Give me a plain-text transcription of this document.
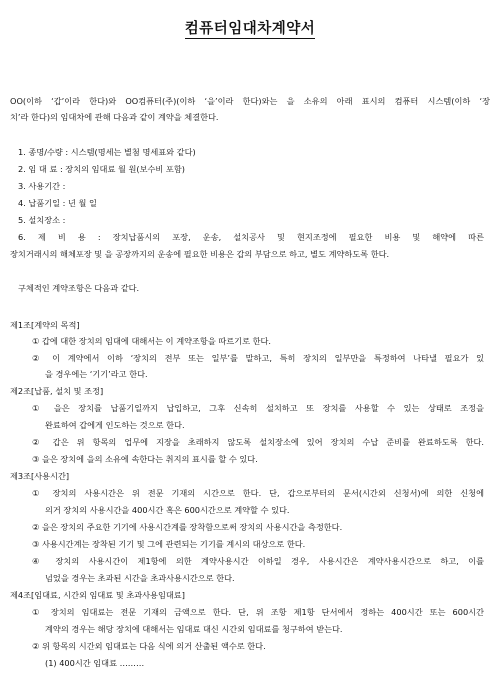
컴퓨터임대차계약서
OO(이하 ‘갑’이라 한다)와 OO컴퓨터(주)(이하 ‘을’이라 한다)와는 을 소유의 아래 표시의 컴퓨터 시스템(이하 ‘장
치’라 한다)의 임대차에 관해 다음과 같이 계약을 체결한다.
1. 종명/수량 : 시스템(명세는 별첨 명세표와 같다)
2. 임 대 료 : 장치의 임대료 월 원(보수비 포함)
3. 사용기간 :
4. 납품기일 : 년 월 일
5. 설치장소 :
6. 제 비 용 : 장치납품시의 포장, 운송, 설치공사 및 현지조정에 필요한 비용 및 해약에 따른
장치거래시의 해체포장 및 을 공장까지의 운송에 필요한 비용은 갑의 부담으로 하고, 별도 계약하도록 한다.
구체적인 계약조항은 다음과 같다.
제1조[계약의 목적]
① 갑에 대한 장치의 임대에 대해서는 이 계약조항을 따르기로 한다.
② 이 계약에서 이하 ‘장치의 전부 또는 일부’를 말하고, 특히 장치의 일부만을 특정하여 나타낼 필요가 있
을 경우에는 ‘기기’라고 한다.
제2조[납품, 설치 및 조정]
① 을은 장치를 납품기일까지 납입하고, 그후 신속히 설치하고 또 장치를 사용할 수 있는 상태로 조정을
완료하여 갑에게 인도하는 것으로 한다.
② 갑은 위 항목의 업무에 지장을 초래하지 않도록 설치장소에 있어 장치의 수납 준비를 완료하도록 한다.
③ 을은 장치에 을의 소유에 속한다는 취지의 표시를 할 수 있다.
제3조[사용시간]
① 장치의 사용시간은 위 전문 기재의 시간으로 한다. 단, 갑으로부터의 문서(시간외 신청서)에 의한 신청에
의거 장치의 사용시간을 400시간 혹은 600시간으로 계약할 수 있다.
② 을은 장치의 주요한 기기에 사용시간계를 장착함으로써 장치의 사용시간을 측정한다.
③ 사용시간계는 장착된 기기 및 그에 관련되는 기기를 계시의 대상으로 한다.
④ 장치의 사용시간이 제1항에 의한 계약사용시간 이하일 경우, 사용시간은 계약사용시간으로 하고, 이를
넘었을 경우는 초과된 시간을 초과사용시간으로 한다.
제4조[임대료, 시간외 임대료 및 초과사용임대료]
① 장치의 임대료는 전문 기재의 금액으로 한다. 단, 위 조항 제1항 단서에서 정하는 400시간 또는 600시간
계약의 경우는 해당 장치에 대해서는 임대료 대신 시간외 임대료를 청구하여 받는다.
② 위 항목의 시간외 임대료는 다음 식에 의거 산출된 액수로 한다.
(1) 400시간 임대료 ………
